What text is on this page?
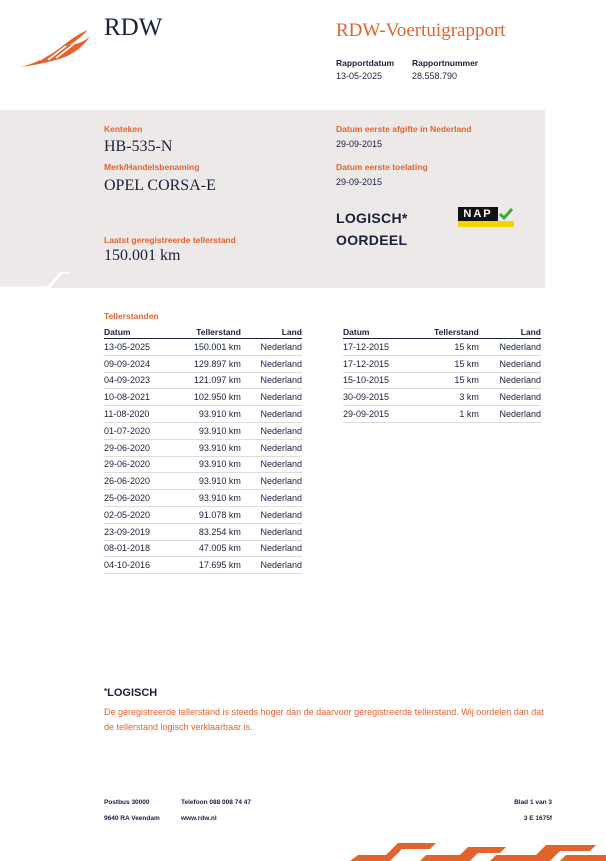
RDW	RDW-Voertuigrapport
Rapportdatum
13-05-2025
Rapportnummer
28.558.790
Kenteken
HB-535-N
Merk/Handelsbenaming
OPEL CORSA-E
Laatst geregistreerde tellerstand
150.001 km
Datum eerste afgifte in Nederland
29-09-2015
Datum eerste toelating
29-09-2015
LOGISCH*
OORDEEL
NAP
Tellerstanden
Datum	Tellerstand	Land
13-05-2025	150.001 km	Nederland
09-09-2024	129.897 km	Nederland
04-09-2023	121.097 km	Nederland
10-08-2021	102.950 km	Nederland
11-08-2020	93.910 km	Nederland
01-07-2020	93.910 km	Nederland
29-06-2020	93.910 km	Nederland
29-06-2020	93.910 km	Nederland
26-06-2020	93.910 km	Nederland
25-06-2020	93.910 km	Nederland
02-05-2020	91.078 km	Nederland
23-09-2019	83.254 km	Nederland
08-01-2018	47.005 km	Nederland
04-10-2016	17.695 km	Nederland
Datum	Tellerstand	Land
17-12-2015	15 km	Nederland
17-12-2015	15 km	Nederland
15-10-2015	15 km	Nederland
30-09-2015	3 km	Nederland
29-09-2015	1 km	Nederland
*LOGISCH
De geregistreerde tellerstand is steeds hoger dan de daarvoor geregistreerde tellerstand. Wij oordelen dan dat de tellerstand logisch verklaarbaar is.
Postbus 30000
9640 RA Veendam
Telefoon 088 008 74 47
www.rdw.nl
Blad 1 van 3
3 E 1675f
